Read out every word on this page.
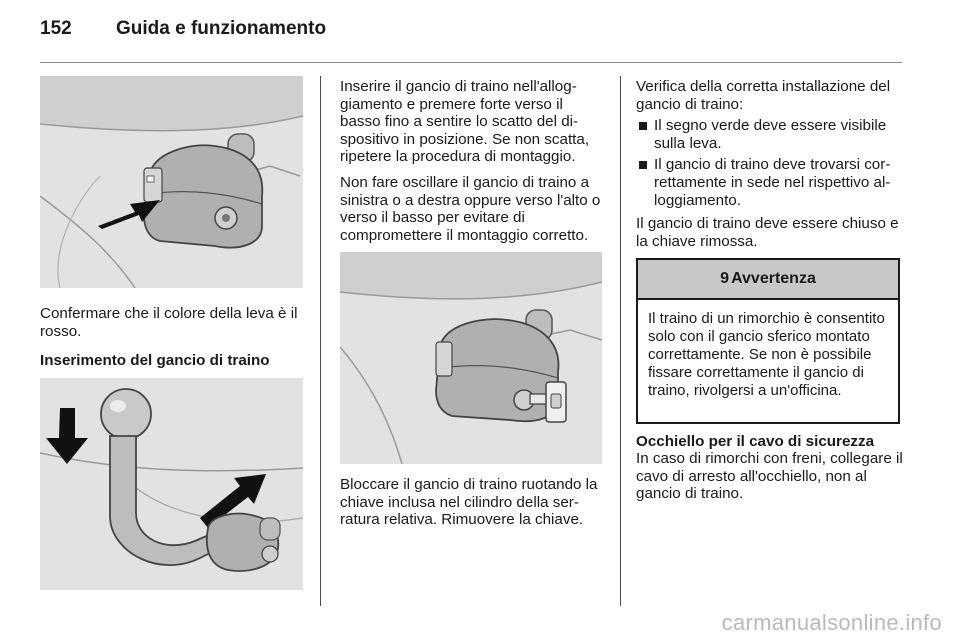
152 Guida e funzionamento

Confermare che il colore della leva è il rosso.

Inserimento del gancio di traino

Inserire il gancio di traino nell'alloggiamento e premere forte verso il basso fino a sentire lo scatto del dispositivo in posizione. Se non scatta, ripetere la procedura di montaggio.

Non fare oscillare il gancio di traino a sinistra o a destra oppure verso l'alto o verso il basso per evitare di compromettere il montaggio corretto.

Bloccare il gancio di traino ruotando la chiave inclusa nel cilindro della serratura relativa. Rimuovere la chiave.

Verifica della corretta installazione del gancio di traino:

Il segno verde deve essere visibile sulla leva.
Il gancio di traino deve trovarsi correttamente in sede nel rispettivo alloggiamento.

Il gancio di traino deve essere chiuso e la chiave rimossa.

9 Avvertenza
Il traino di un rimorchio è consentito solo con il gancio sferico montato correttamente. Se non è possibile fissare correttamente il gancio di traino, rivolgersi a un'officina.

Occhiello per il cavo di sicurezza

In caso di rimorchi con freni, collegare il cavo di arresto all'occhiello, non al gancio di traino.

carmanualsonline.info
